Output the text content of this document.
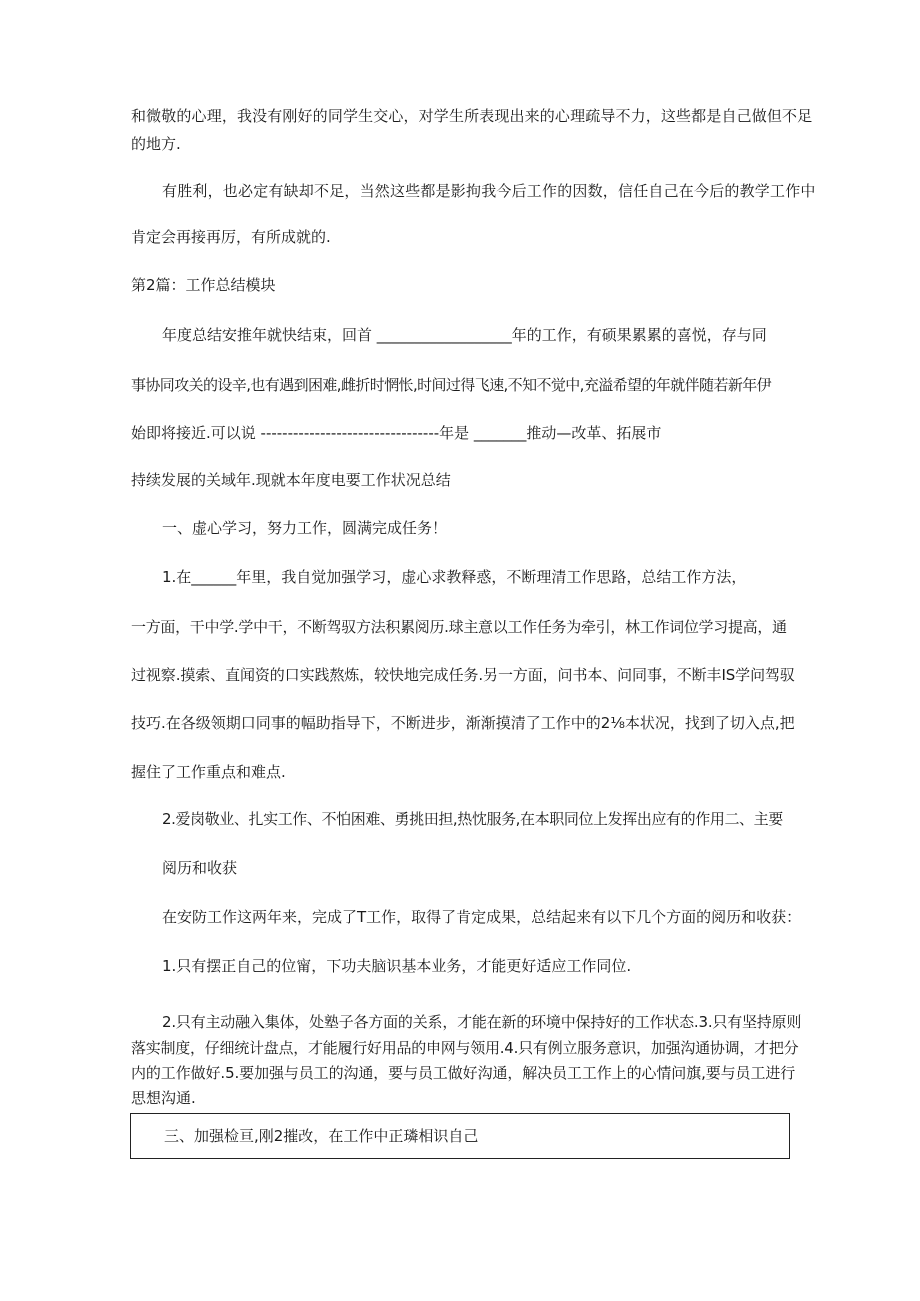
和微敬的心理，我没有刚好的同学生交心，对学生所表现出来的心理疏导不力，这些都是自己做但不足

的地方.

有胜利，也必定有缺却不足，当然这些都是影拘我今后工作的因数，信任自己在今后的教学工作中

肯定会再接再厉，有所成就的.

第2篇：工作总结模块

年度总结安推年就快结束，回首 __________________年的工作，有硕果累累的喜悦，存与同

事协同攻关的设辛,也有遇到困难,雌折时惘怅,时间过得飞速,不知不觉中,充溢希望的年就伴随若新年伊

始即将接近.可以说 ---------------------------------年是 _______推动—改革、拓展市

持续发展的关域年.现就本年度电要工作状况总结

一、虚心学习，努力工作，圆满完成任务！

1.在______年里，我自觉加强学习，虚心求教释惑，不断理清工作思路，总结工作方法，

一方面，干中学.学中干，不断驾驭方法积累阅历.球主意以工作任务为牵引，林工作词位学习提高，通

过视察.摸索、直闻资的口实践熬炼，较快地完成任务.另一方面，问书本、问同事，不断丰IS学问驾驭

技巧.在各级领期口同事的幅助指导下，不断进步，渐渐摸清了工作中的2⅛本状况，找到了切入点,把

握住了工作重点和难点.

2.爱岗敬业、扎实工作、不怕困难、勇挑田担,热忱服务,在本职同位上发挥出应有的作用二、主要

阅历和收获

在安防工作这两年来，完成了T工作，取得了肯定成果，总结起来有以下几个方面的阅历和收获：

1.只有摆正自己的位甯，下功夫脑识基本业务，才能更好适应工作同位.

2.只有主动融入集体，处塾子各方面的关系，才能在新的环境中保持好的工作状态.3.只有坚持原则

落实制度，仔细统计盘点，才能履行好用品的申网与领用.4.只有例立服务意识，加强沟通协调，才把分

内的工作做好.5.要加强与员工的沟通，要与员工做好沟通，解决员工工作上的心情问旗,要与员工进行

思想沟通.

三、加强检亘,刚2摧改，在工作中正璘相识自己
